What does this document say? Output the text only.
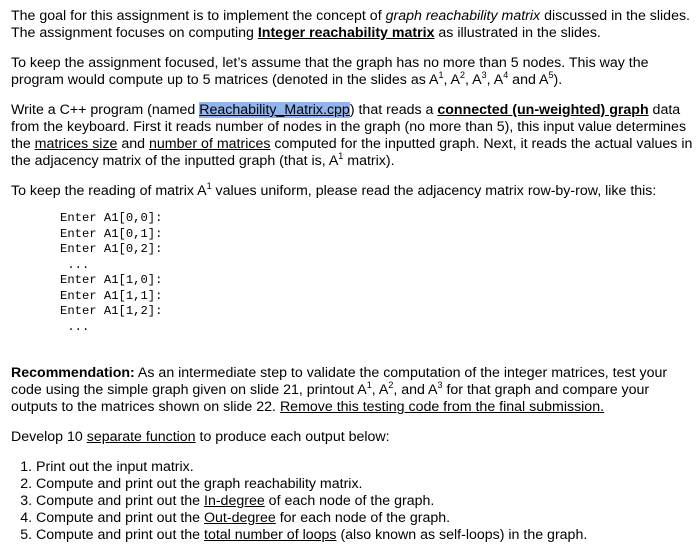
The goal for this assignment is to implement the concept of graph reachability matrix discussed in the slides. The assignment focuses on computing Integer reachability matrix as illustrated in the slides.

To keep the assignment focused, let’s assume that the graph has no more than 5 nodes. This way the program would compute up to 5 matrices (denoted in the slides as $A^1$, $A^2$, $A^3$, $A^4$ and $A^5$).

Write a C++ program (named Reachability_Matrix.cpp) that reads a connected (un-weighted) graph data from the keyboard. First it reads number of nodes in the graph (no more than 5), this input value determines the matrices size and number of matrices computed for the inputted graph. Next, it reads the actual values in the adjacency matrix of the inputted graph (that is, $A^1$ matrix).

To keep the reading of matrix $A^1$ values uniform, please read the adjacency matrix row-by-row, like this:

Enter A1[0,0]:
Enter A1[0,1]:
Enter A1[0,2]:
...
Enter A1[1,0]:
Enter A1[1,1]:
Enter A1[1,2]:
...

Recommendation: As an intermediate step to validate the computation of the integer matrices, test your code using the simple graph given on slide 21, printout $A^1$, $A^2$, and $A^3$ for that graph and compare your outputs to the matrices shown on slide 22. Remove this testing code from the final submission.

Develop 10 separate function to produce each output below:

1. Print out the input matrix.
2. Compute and print out the graph reachability matrix.
3. Compute and print out the In-degree of each node of the graph.
4. Compute and print out the Out-degree for each node of the graph.
5. Compute and print out the total number of loops (also known as self-loops) in the graph.
